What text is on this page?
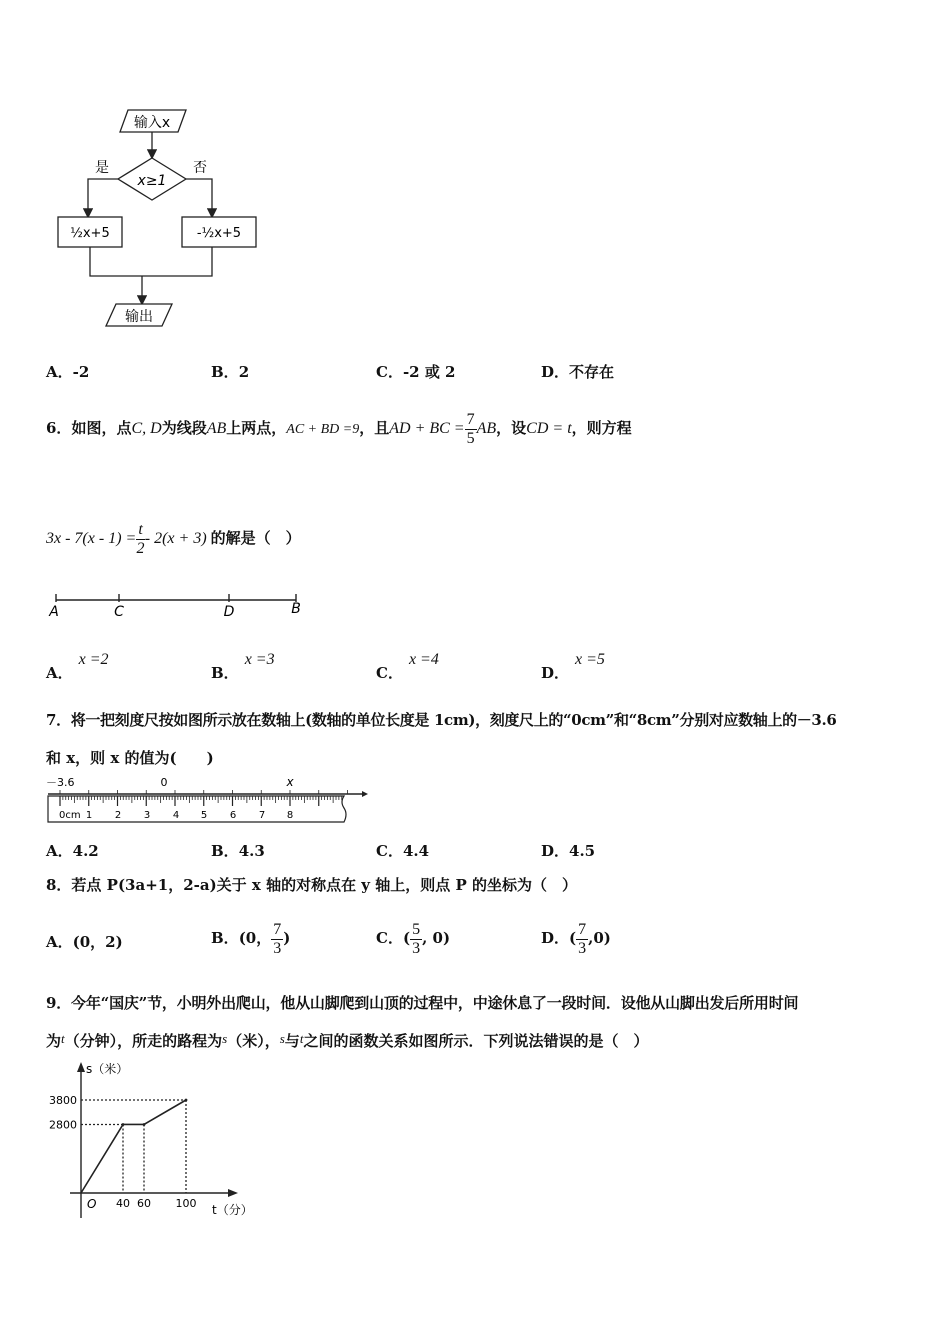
输入x
x≥1
是	否
½x+5	-½x+5
输出
A．-2	B．2	C．-2 或 2	D．不存在
6．如图，点C, D为线段AB上两点，AC + BD =9，且AD + BC = $\frac{7}{5}$ AB，设CD = t，则方程
$3x - 7(x - 1) = \frac{t}{2} - 2(x + 3)$ 的解是（　）
A	C	D	B
A．x =2
B．x =3
C．x =4
D．x =5
7．将一把刻度尺按如图所示放在数轴上(数轴的单位长度是 1cm)，刻度尺上的“0cm”和“8cm”分别对应数轴上的－3.6
和 x，则 x 的值为(　　)
－3.6	0	x
0cm 1 2 3 4 5 6 7 8
A．4.2	B．4.3	C．4.4	D．4.5
8．若点 P(3a+1，2-a)关于 x 轴的对称点在 y 轴上，则点 P 的坐标为（　）
A．(0，2)	B．(0， $\frac{7}{3}$ )	C．( $\frac{5}{3}$ , 0)	D．( $\frac{7}{3} ,0$)
9．今年“国庆”节，小明外出爬山，他从山脚爬到山顶的过程中，中途休息了一段时间．设他从山脚出发后所用时间
为t（分钟），所走的路程为s（米），s与t之间的函数关系如图所示．下列说法错误的是（　）
s（米）
t（分）
O 40 60 100
2800
3800
